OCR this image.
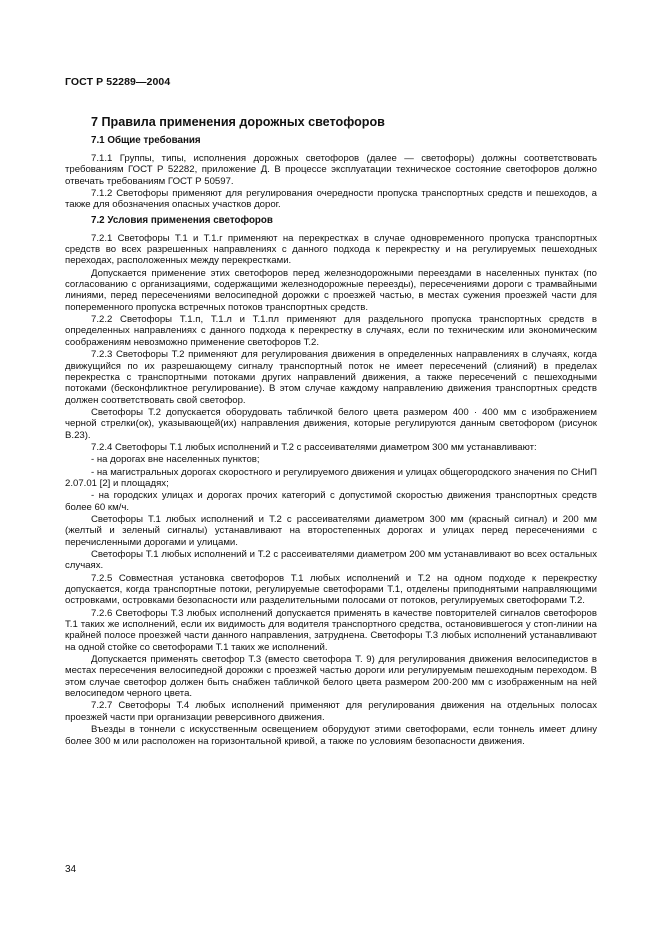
ГОСТ Р 52289—2004
7 Правила применения дорожных светофоров
7.1 Общие требования
7.1.1 Группы, типы, исполнения дорожных светофоров (далее — светофоры) должны соответствовать требованиям ГОСТ Р 52282, приложение Д. В процессе эксплуатации техническое состояние светофоров должно отвечать требованиям ГОСТ Р 50597.
7.1.2 Светофоры применяют для регулирования очередности пропуска транспортных средств и пешеходов, а также для обозначения опасных участков дорог.
7.2 Условия применения светофоров
7.2.1 Светофоры Т.1 и Т.1.г применяют на перекрестках в случае одновременного пропуска транспортных средств во всех разрешенных направлениях с данного подхода к перекрестку и на регулируемых пешеходных переходах, расположенных между перекрестками.
Допускается применение этих светофоров перед железнодорожными переездами в населенных пунктах (по согласованию с организациями, содержащими железнодорожные переезды), пересечениями дороги с трамвайными линиями, перед пересечениями велосипедной дорожки с проезжей частью, в местах сужения проезжей части для попеременного пропуска встречных потоков транспортных средств.
7.2.2 Светофоры Т.1.п, Т.1.л и Т.1.пл применяют для раздельного пропуска транспортных средств в определенных направлениях с данного подхода к перекрестку в случаях, если по техническим или экономическим соображениям невозможно применение светофоров Т.2.
7.2.3 Светофоры Т.2 применяют для регулирования движения в определенных направлениях в случаях, когда движущийся по их разрешающему сигналу транспортный поток не имеет пересечений (слияний) в пределах перекрестка с транспортными потоками других направлений движения, а также пересечений с пешеходными потоками (бесконфликтное регулирование). В этом случае каждому направлению движения транспортных средств должен соответствовать свой светофор.
Светофоры Т.2 допускается оборудовать табличкой белого цвета размером 400 · 400 мм с изображением черной стрелки(ок), указывающей(их) направления движения, которые регулируются данным светофором (рисунок В.23).
7.2.4 Светофоры Т.1 любых исполнений и Т.2 с рассеивателями диаметром 300 мм устанавливают:
- на дорогах вне населенных пунктов;
- на магистральных дорогах скоростного и регулируемого движения и улицах общегородского значения по СНиП 2.07.01 [2] и площадях;
- на городских улицах и дорогах прочих категорий с допустимой скоростью движения транспортных средств более 60 км/ч.
Светофоры Т.1 любых исполнений и Т.2 с рассеивателями диаметром 300 мм (красный сигнал) и 200 мм (желтый и зеленый сигналы) устанавливают на второстепенных дорогах и улицах перед пересечениями с перечисленными дорогами и улицами.
Светофоры Т.1 любых исполнений и Т.2 с рассеивателями диаметром 200 мм устанавливают во всех остальных случаях.
7.2.5 Совместная установка светофоров Т.1 любых исполнений и Т.2 на одном подходе к перекрестку допускается, когда транспортные потоки, регулируемые светофорами Т.1, отделены приподнятыми направляющими островками, островками безопасности или разделительными полосами от потоков, регулируемых светофорами Т.2.
7.2.6 Светофоры Т.3 любых исполнений допускается применять в качестве повторителей сигналов светофоров Т.1 таких же исполнений, если их видимость для водителя транспортного средства, остановившегося у стоп-линии на крайней полосе проезжей части данного направления, затруднена. Светофоры Т.3 любых исполнений устанавливают на одной стойке со светофорами Т.1 таких же исполнений.
Допускается применять светофор Т.3 (вместо светофора Т. 9) для регулирования движения велосипедистов в местах пересечения велосипедной дорожки с проезжей частью дороги или регулируемым пешеходным переходом. В этом случае светофор должен быть снабжен табличкой белого цвета размером 200·200 мм с изображенным на ней велосипедом черного цвета.
7.2.7 Светофоры Т.4 любых исполнений применяют для регулирования движения на отдельных полосах проезжей части при организации реверсивного движения.
Въезды в тоннели с искусственным освещением оборудуют этими светофорами, если тоннель имеет длину более 300 м или расположен на горизонтальной кривой, а также по условиям безопасности движения.
34
